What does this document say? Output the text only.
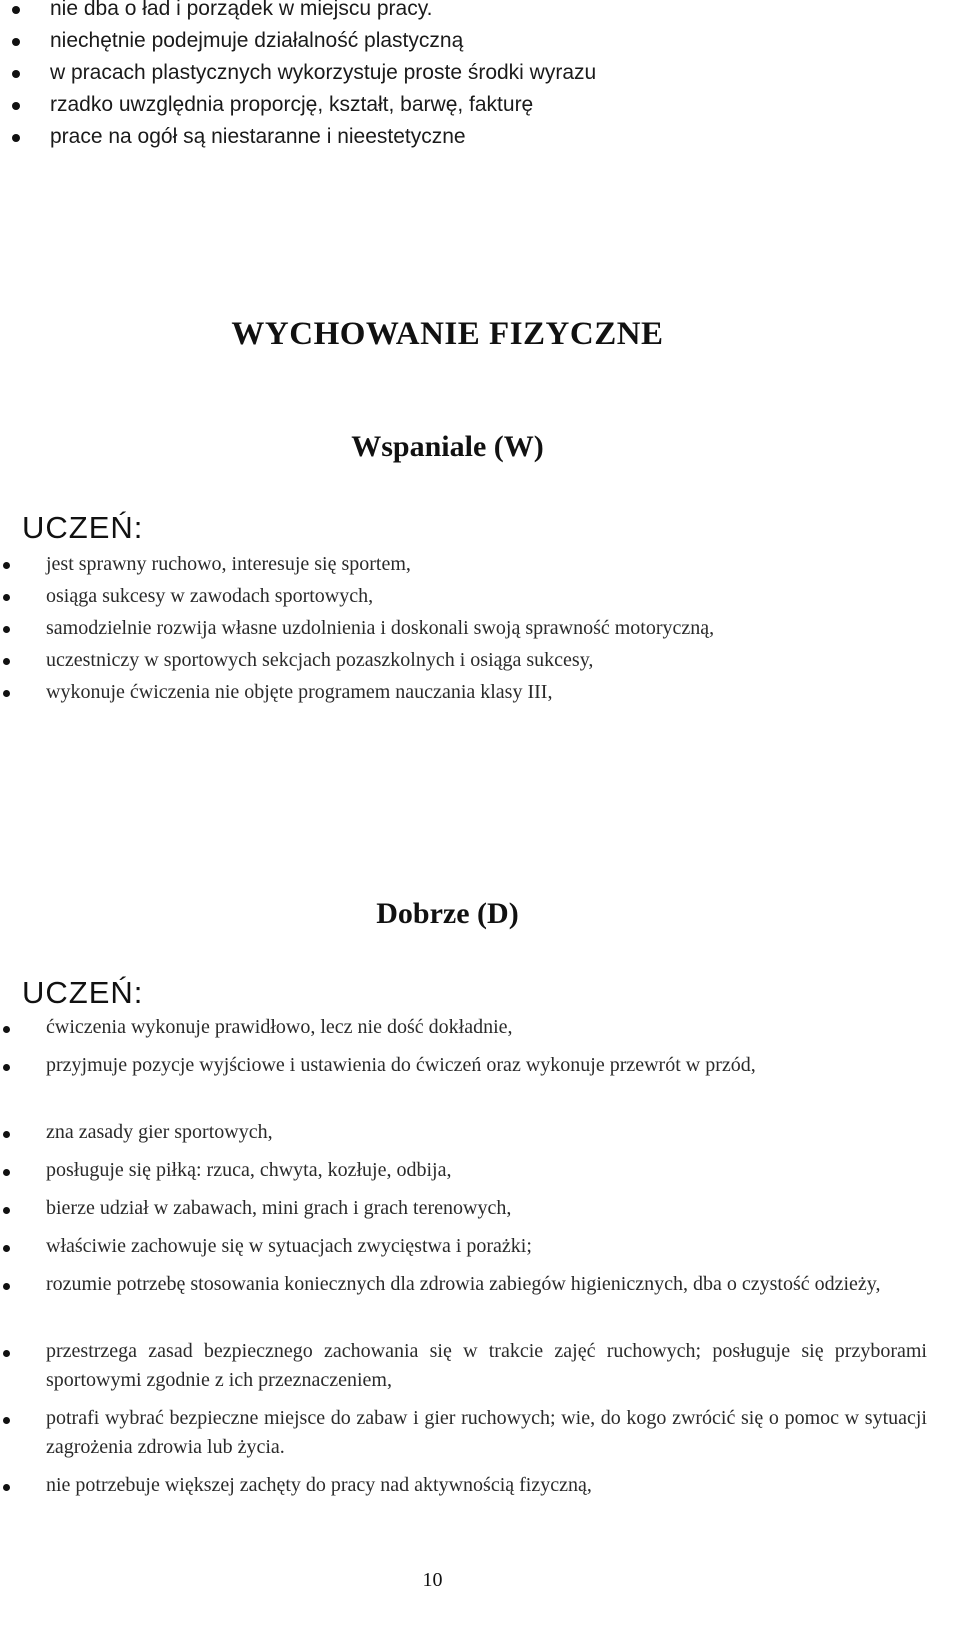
nie dba o ład i porządek w miejscu pracy.
niechętnie podejmuje działalność plastyczną
w pracach plastycznych wykorzystuje proste środki wyrazu
rzadko uwzględnia proporcję, kształt, barwę, fakturę
prace na ogół są niestaranne i nieestetyczne
WYCHOWANIE FIZYCZNE
Wspaniale (W)
UCZEŃ:
jest sprawny ruchowo, interesuje się sportem,
osiąga sukcesy w zawodach sportowych,
samodzielnie rozwija własne uzdolnienia i doskonali swoją sprawność motoryczną,
uczestniczy w sportowych sekcjach pozaszkolnych i osiąga sukcesy,
wykonuje ćwiczenia nie objęte programem nauczania klasy III,
Dobrze (D)
UCZEŃ:
ćwiczenia wykonuje prawidłowo, lecz nie dość dokładnie,
przyjmuje pozycje wyjściowe i ustawienia do ćwiczeń oraz wykonuje przewrót w przód,
zna zasady gier sportowych,
posługuje się piłką: rzuca, chwyta, kozłuje, odbija,
bierze udział w zabawach, mini grach i grach terenowych,
właściwie zachowuje się w sytuacjach zwycięstwa i porażki;
rozumie potrzebę stosowania koniecznych dla zdrowia zabiegów higienicznych, dba o czystość odzieży,
przestrzega zasad bezpiecznego zachowania się w trakcie zajęć ruchowych; posługuje się przyborami sportowymi zgodnie z ich przeznaczeniem,
potrafi wybrać bezpieczne miejsce do zabaw i gier ruchowych; wie, do kogo zwrócić się o pomoc w sytuacji zagrożenia zdrowia lub życia.
nie potrzebuje większej zachęty do pracy nad aktywnością fizyczną,
10
